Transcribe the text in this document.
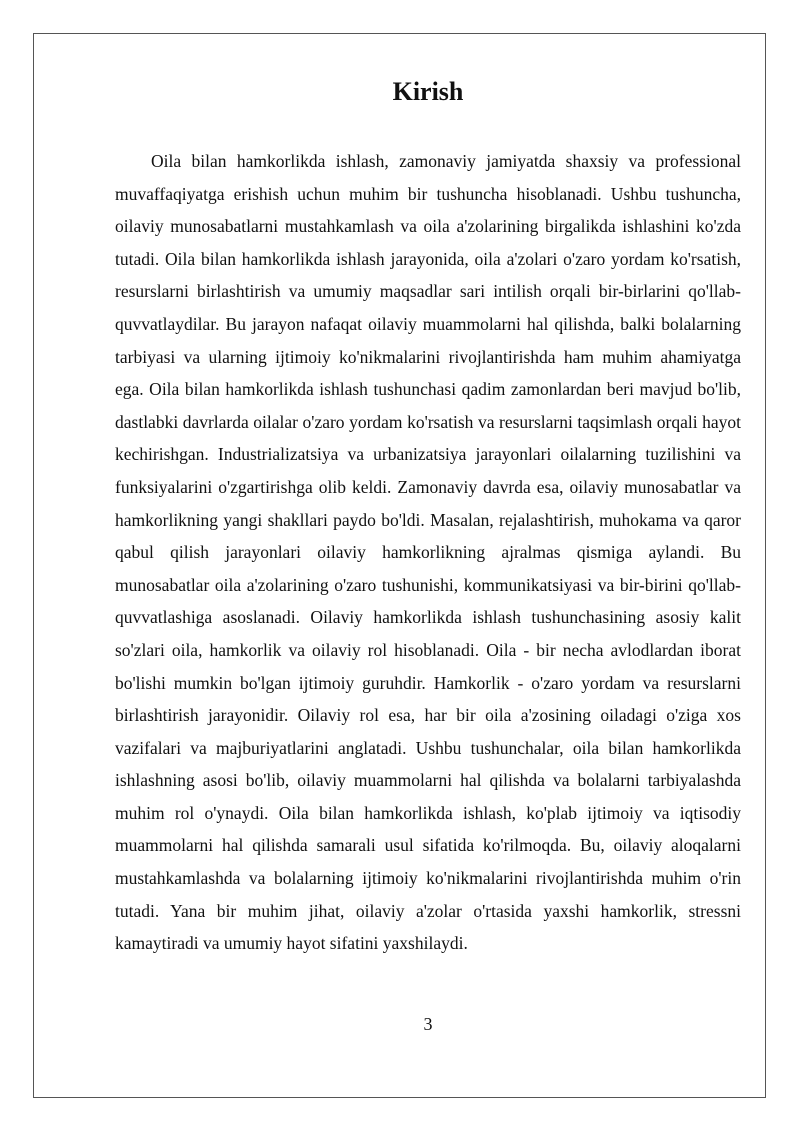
Kirish

Oila bilan hamkorlikda ishlash, zamonaviy jamiyatda shaxsiy va professional muvaffaqiyatga erishish uchun muhim bir tushuncha hisoblanadi. Ushbu tushuncha, oilaviy munosabatlarni mustahkamlash va oila a'zolarining birgalikda ishlashini ko'zda tutadi. Oila bilan hamkorlikda ishlash jarayonida, oila a'zolari o'zaro yordam ko'rsatish, resurslarni birlashtirish va umumiy maqsadlar sari intilish orqali bir-birlarini qo'llab-quvvatlaydilar. Bu jarayon nafaqat oilaviy muammolarni hal qilishda, balki bolalarning tarbiyasi va ularning ijtimoiy ko'nikmalarini rivojlantirishda ham muhim ahamiyatga ega. Oila bilan hamkorlikda ishlash tushunchasi qadim zamonlardan beri mavjud bo'lib, dastlabki davrlarda oilalar o'zaro yordam ko'rsatish va resurslarni taqsimlash orqali hayot kechirishgan. Industrializatsiya va urbanizatsiya jarayonlari oilalarning tuzilishini va funksiyalarini o'zgartirishga olib keldi. Zamonaviy davrda esa, oilaviy munosabatlar va hamkorlikning yangi shakllari paydo bo'ldi. Masalan, rejalashtirish, muhokama va qaror qabul qilish jarayonlari oilaviy hamkorlikning ajralmas qismiga aylandi. Bu munosabatlar oila a'zolarining o'zaro tushunishi, kommunikatsiyasi va bir-birini qo'llab-quvvatlashiga asoslanadi. Oilaviy hamkorlikda ishlash tushunchasining asosiy kalit so'zlari oila, hamkorlik va oilaviy rol hisoblanadi. Oila - bir necha avlodlardan iborat bo'lishi mumkin bo'lgan ijtimoiy guruhdir. Hamkorlik - o'zaro yordam va resurslarni birlashtirish jarayonidir. Oilaviy rol esa, har bir oila a'zosining oiladagi o'ziga xos vazifalari va majburiyatlarini anglatadi. Ushbu tushunchalar, oila bilan hamkorlikda ishlashning asosi bo'lib, oilaviy muammolarni hal qilishda va bolalarni tarbiyalashda muhim rol o'ynaydi. Oila bilan hamkorlikda ishlash, ko'plab ijtimoiy va iqtisodiy muammolarni hal qilishda samarali usul sifatida ko'rilmoqda. Bu, oilaviy aloqalarni mustahkamlashda va bolalarning ijtimoiy ko'nikmalarini rivojlantirishda muhim o'rin tutadi. Yana bir muhim jihat, oilaviy a'zolar o'rtasida yaxshi hamkorlik, stressni kamaytiradi va umumiy hayot sifatini yaxshilaydi.

3
